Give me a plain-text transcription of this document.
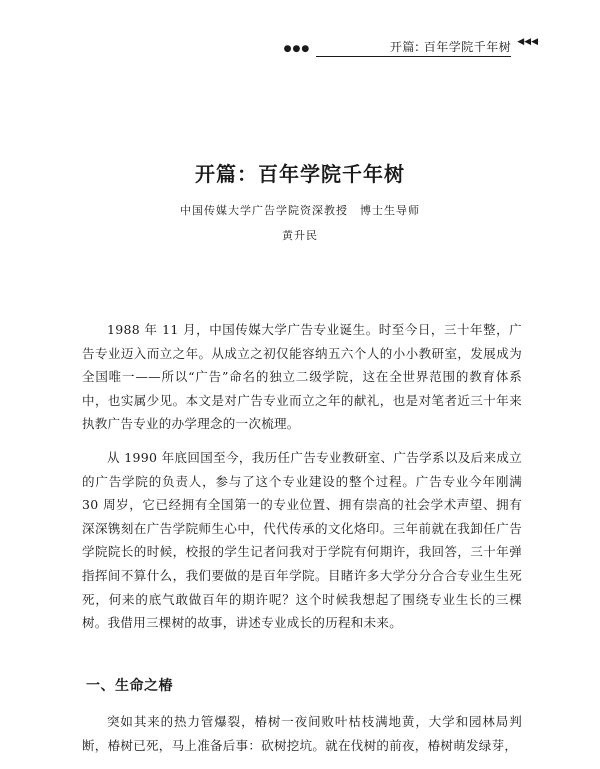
●●●	开篇: 百年学院千年树 ◀◀◀
开篇：百年学院千年树
中国传媒大学广告学院资深教授　博士生导师
黄升民

1988 年 11 月，中国传媒大学广告专业诞生。时至今日，三十年整，广告专业迈入而立之年。从成立之初仅能容纳五六个人的小小教研室，发展成为全国唯一——所以“广告”命名的独立二级学院，这在全世界范围的教育体系中，也实属少见。本文是对广告专业而立之年的献礼，也是对笔者近三十年来执教广告专业的办学理念的一次梳理。

从 1990 年底回国至今，我历任广告专业教研室、广告学系以及后来成立的广告学院的负责人，参与了这个专业建设的整个过程。广告专业今年刚满 30 周岁，它已经拥有全国第一的专业位置、拥有崇高的社会学术声望、拥有深深镌刻在广告学院师生心中，代代传承的文化烙印。三年前就在我卸任广告学院院长的时候，校报的学生记者问我对于学院有何期许，我回答，三十年弹指挥间不算什么，我们要做的是百年学院。目睹许多大学分分合合专业生生死死，何来的底气敢做百年的期许呢？这个时候我想起了围绕专业生长的三棵树。我借用三棵树的故事，讲述专业成长的历程和未来。

一、生命之椿

突如其来的热力管爆裂，椿树一夜间败叶枯枝满地黄，大学和园林局判断，椿树已死，马上准备后事：砍树挖坑。就在伐树的前夜，椿树萌发绿芽，
